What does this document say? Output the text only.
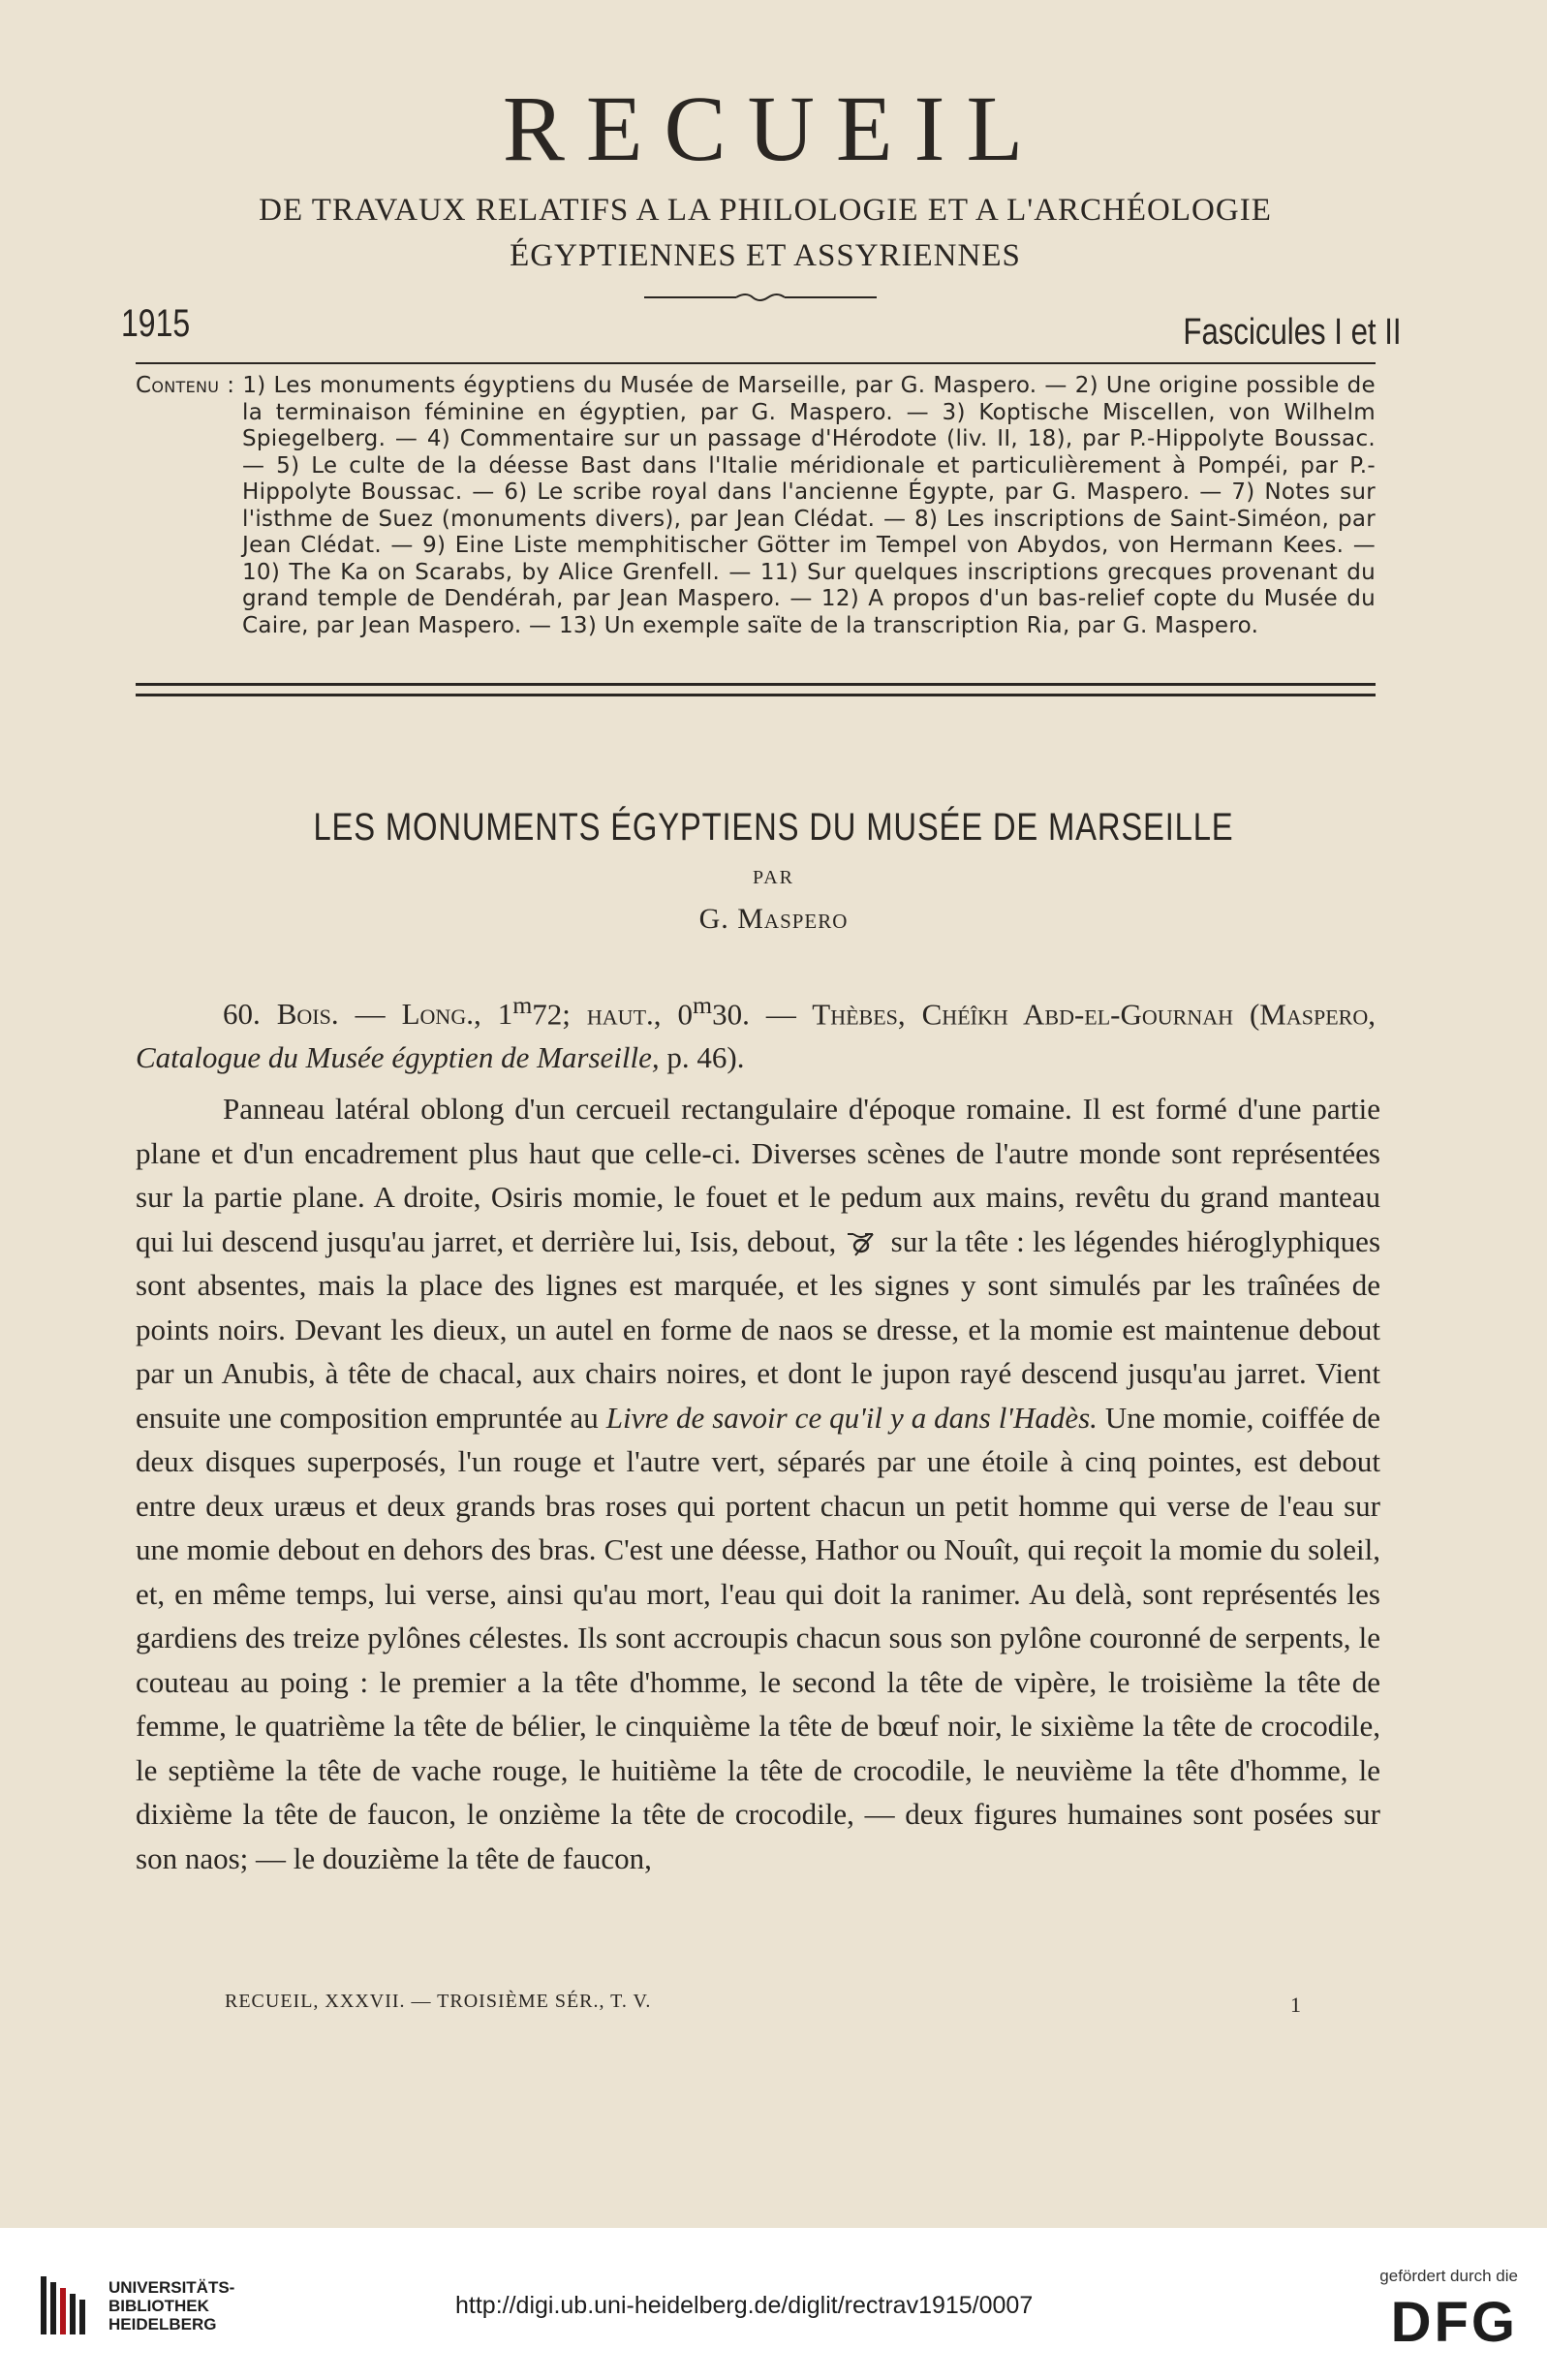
RECUEIL
DE TRAVAUX RELATIFS A LA PHILOLOGIE ET A L'ARCHÉOLOGIE
ÉGYPTIENNES ET ASSYRIENNES
1915	Fascicules I et II

Contenu : 1) Les monuments égyptiens du Musée de Marseille, par G. Maspero. — 2) Une origine possible de la terminaison féminine en égyptien, par G. Maspero. — 3) Koptische Miscellen, von Wilhelm Spiegelberg. — 4) Commentaire sur un passage d'Hérodote (liv. II, 18), par P.-Hippolyte Boussac. — 5) Le culte de la déesse Bast dans l'Italie méridionale et particulièrement à Pompéi, par P.-Hippolyte Boussac. — 6) Le scribe royal dans l'ancienne Égypte, par G. Maspero. — 7) Notes sur l'isthme de Suez (monuments divers), par Jean Clédat. — 8) Les inscriptions de Saint-Siméon, par Jean Clédat. — 9) Eine Liste memphitischer Götter im Tempel von Abydos, von Hermann Kees. — 10) The Ka on Scarabs, by Alice Grenfell. — 11) Sur quelques inscriptions grecques provenant du grand temple de Dendérah, par Jean Maspero. — 12) A propos d'un bas-relief copte du Musée du Caire, par Jean Maspero. — 13) Un exemple saïte de la transcription Ria, par G. Maspero.

LES MONUMENTS ÉGYPTIENS DU MUSÉE DE MARSEILLE
PAR
G. Maspero
60. Bois. — Long., 1$^m$72; haut., 0$^m$30. — Thèbes, Chéîkh Abd-el-Gournah (Maspero, Catalogue du Musée égyptien de Marseille, p. 46).

Panneau latéral oblong d'un cercueil rectangulaire d'époque romaine. Il est formé d'une partie plane et d'un encadrement plus haut que celle-ci. Diverses scènes de l'autre monde sont représentées sur la partie plane. A droite, Osiris momie, le fouet et le pedum aux mains, revêtu du grand manteau qui lui descend jusqu'au jarret, et derrière lui, Isis, debout, sur la tête : les légendes hiéroglyphiques sont absentes, mais la place des lignes est marquée, et les signes y sont simulés par les traînées de points noirs. Devant les dieux, un autel en forme de naos se dresse, et la momie est maintenue debout par un Anubis, à tête de chacal, aux chairs noires, et dont le jupon rayé descend jusqu'au jarret. Vient ensuite une composition empruntée au Livre de savoir ce qu'il y a dans l'Hadès. Une momie, coiffée de deux disques superposés, l'un rouge et l'autre vert, séparés par une étoile à cinq pointes, est debout entre deux uræus et deux grands bras roses qui portent chacun un petit homme qui verse de l'eau sur une momie debout en dehors des bras. C'est une déesse, Hathor ou Nouît, qui reçoit la momie du soleil, et, en même temps, lui verse, ainsi qu'au mort, l'eau qui doit la ranimer. Au delà, sont représentés les gardiens des treize pylônes célestes. Ils sont accroupis chacun sous son pylône couronné de serpents, le couteau au poing : le premier a la tête d'homme, le second la tête de vipère, le troisième la tête de femme, le quatrième la tête de bélier, le cinquième la tête de bœuf noir, le sixième la tête de crocodile, le septième la tête de vache rouge, le huitième la tête de crocodile, le neuvième la tête d'homme, le dixième la tête de faucon, le onzième la tête de crocodile, — deux figures humaines sont posées sur son naos; — le douzième la tête de faucon,

RECUEIL, XXXVII. — TROISIÈME SÉR., T. V.	1
UNIVERSITÄTS-
BIBLIOTHEK
HEIDELBERG
http://digi.ub.uni-heidelberg.de/diglit/rectrav1915/0007
gefördert durch die
DFG
